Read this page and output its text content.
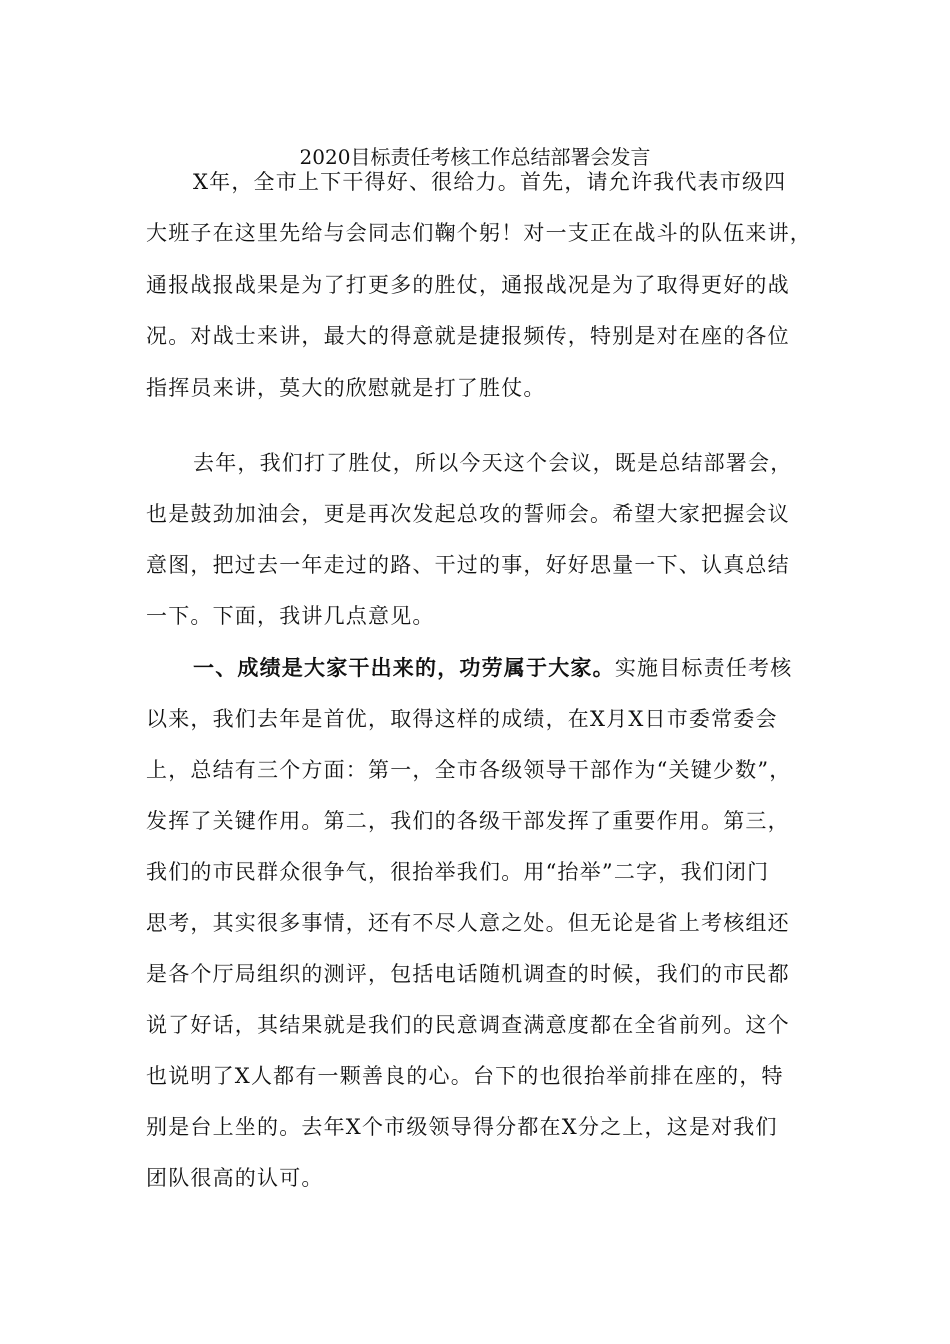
2020目标责任考核工作总结部署会发言
X年，全市上下干得好、很给力。首先，请允许我代表市级四
大班子在这里先给与会同志们鞠个躬！对一支正在战斗的队伍来讲，
通报战报战果是为了打更多的胜仗，通报战况是为了取得更好的战
况。对战士来讲，最大的得意就是捷报频传，特别是对在座的各位
指挥员来讲，莫大的欣慰就是打了胜仗。
去年，我们打了胜仗，所以今天这个会议，既是总结部署会，
也是鼓劲加油会，更是再次发起总攻的誓师会。希望大家把握会议
意图，把过去一年走过的路、干过的事，好好思量一下、认真总结
一下。下面，我讲几点意见。
一、成绩是大家干出来的，功劳属于大家。实施目标责任考核
以来，我们去年是首优，取得这样的成绩，在X月X日市委常委会
上，总结有三个方面：第一，全市各级领导干部作为“关键少数”，
发挥了关键作用。第二，我们的各级干部发挥了重要作用。第三，
我们的市民群众很争气，很抬举我们。用“抬举”二字，我们闭门
思考，其实很多事情，还有不尽人意之处。但无论是省上考核组还
是各个厅局组织的测评，包括电话随机调查的时候，我们的市民都
说了好话，其结果就是我们的民意调查满意度都在全省前列。这个
也说明了X人都有一颗善良的心。台下的也很抬举前排在座的，特
别是台上坐的。去年X个市级领导得分都在X分之上，这是对我们
团队很高的认可。
